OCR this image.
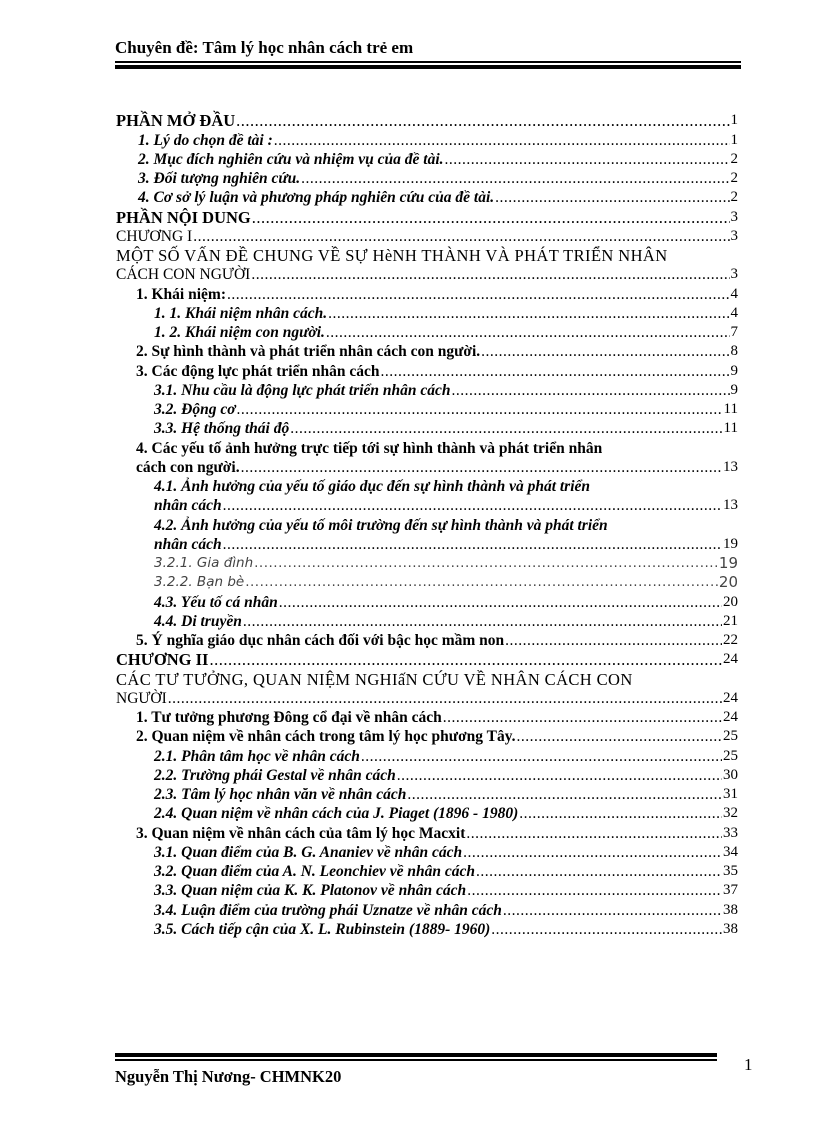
Chuyên đề: Tâm lý học nhân cách trẻ em
PHẦN MỞ ĐẦU .....	1
1. Lý do chọn đề tài : .....	1
2. Mục đích nghiên cứu và nhiệm vụ của đề tài. .....	2
3. Đối tượng nghiên cứu. .....	2
4. Cơ sở lý luận và phương pháp nghiên cứu của đề tài. .....	2
PHẦN NỘI DUNG .....	3
CHƯƠNG I .....	3
MỘT SỐ VẤN ĐỀ CHUNG VỀ SỰ HèNH THÀNH VÀ PHÁT TRIỂN NHÂN
CÁCH CON NGƯỜI .....	3
1. Khái niệm: .....	4
1. 1. Khái niệm nhân cách. .....	4
1. 2. Khái niệm con người. .....	7
2. Sự hình thành và phát triển nhân cách con người. .....	8
3. Các động lực phát triển nhân cách .....	9
3.1. Nhu cầu là động lực phát triển nhân cách .....	9
3.2. Động cơ .....	11
3.3. Hệ thống thái độ .....	11
4. Các yếu tố ảnh hưởng trực tiếp tới sự hình thành và phát triển nhân
cách con người. .....	13
4.1. Ảnh hưởng của yếu tố giáo dục đến sự hình thành và phát triển
nhân cách .....	13
4.2. Ảnh hưởng của yếu tố môi trường đến sự hình thành và phát triển
nhân cách .....	19
3.2.1. Gia đình .....	19
3.2.2. Bạn bè .....	20
4.3. Yếu tố cá nhân .....	20
4.4. Di truyền .....	21
5. Ý nghĩa giáo dục nhân cách đối với bậc học mầm non .....	22
CHƯƠNG II .....	24
CÁC TƯ TƯỞNG, QUAN NIỆM NGHIấN CỨU VỀ NHÂN CÁCH CON
NGƯỜI .....	24
1. Tư tưởng phương Đông cổ đại về nhân cách .....	24
2. Quan niệm về nhân cách trong tâm lý học phương Tây. .....	25
2.1. Phân tâm học về nhân cách .....	25
2.2. Trường phái Gestal về nhân cách .....	30
2.3. Tâm lý học nhân văn về nhân cách .....	31
2.4. Quan niệm về nhân cách của J. Piaget (1896 - 1980) .....	32
3. Quan niệm về nhân cách của tâm lý học Macxit .....	33
3.1. Quan điểm của B. G. Ananiev về nhân cách .....	34
3.2. Quan điểm của A. N. Leonchiev về nhân cách .....	35
3.3. Quan niệm của K. K. Platonov về nhân cách .....	37
3.4. Luận điểm của trường phái Uznatze về nhân cách .....	38
3.5. Cách tiếp cận của X. L. Rubinstein (1889- 1960) .....	38
Nguyễn Thị Nương- CHMNK20
1
